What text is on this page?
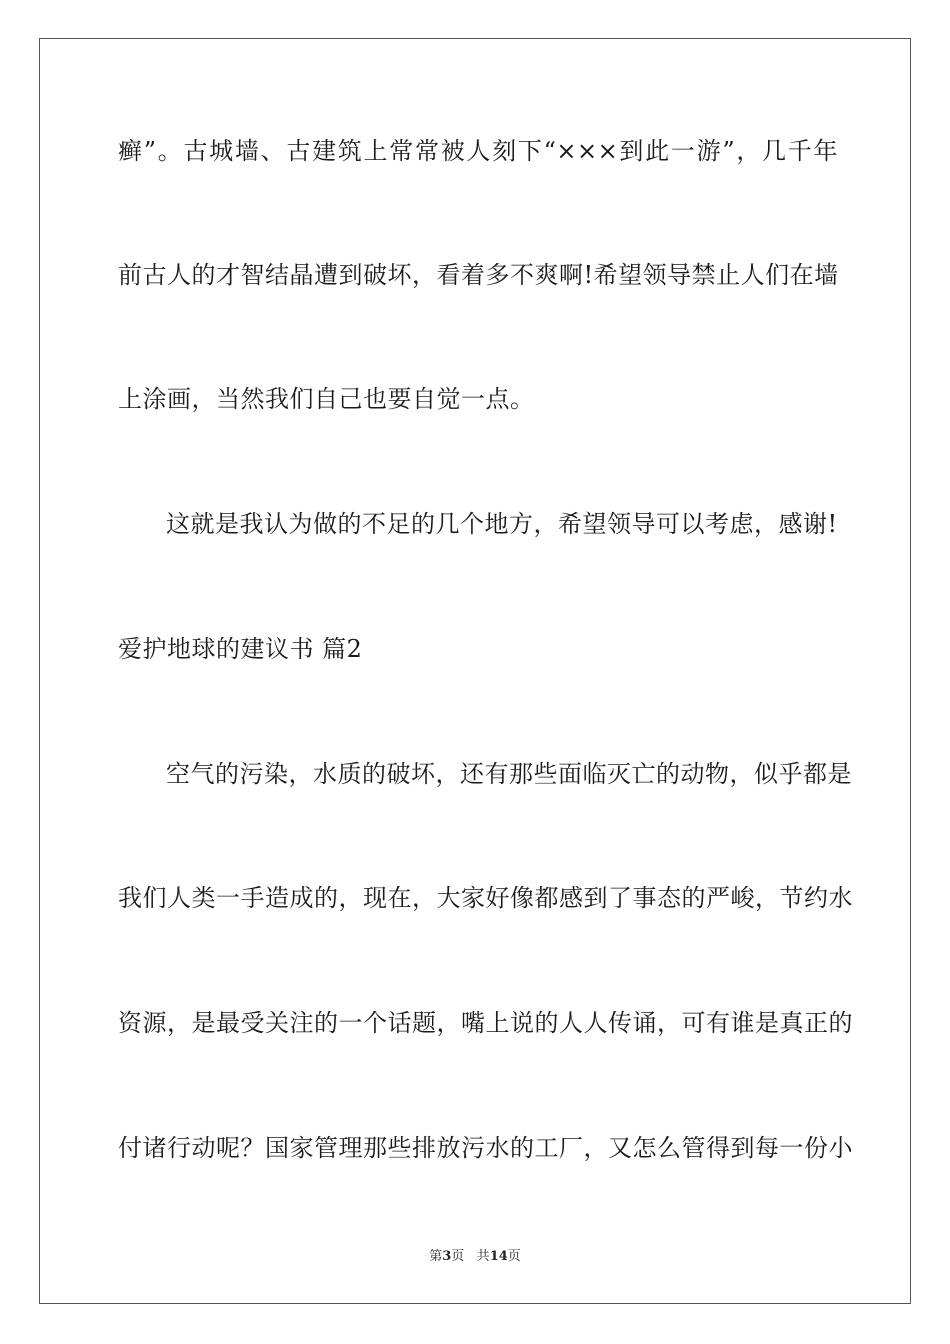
癣”。古城墙、古建筑上常常被人刻下“×××到此一游”，几千年
前古人的才智结晶遭到破坏，看着多不爽啊!希望领导禁止人们在墙
上涂画，当然我们自己也要自觉一点。
这就是我认为做的不足的几个地方，希望领导可以考虑，感谢!
爱护地球的建议书 篇2
空气的污染，水质的破坏，还有那些面临灭亡的动物，似乎都是
我们人类一手造成的，现在，大家好像都感到了事态的严峻，节约水
资源，是最受关注的一个话题，嘴上说的人人传诵，可有谁是真正的
付诸行动呢？国家管理那些排放污水的工厂，又怎么管得到每一份小
第3页 共14页
